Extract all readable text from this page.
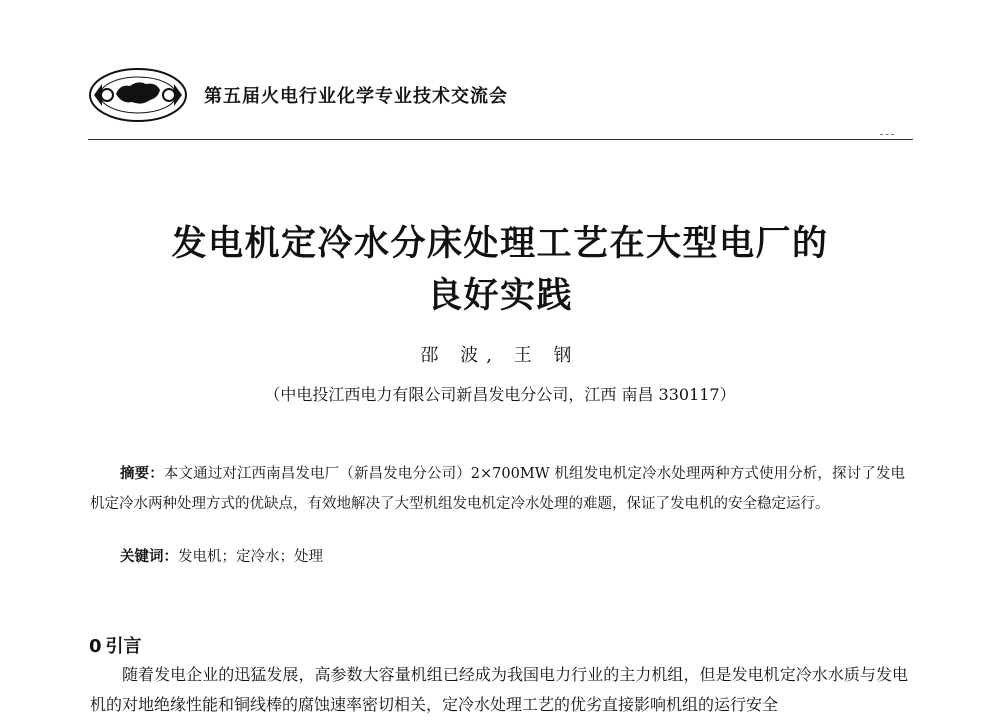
第五届火电行业化学专业技术交流会
发电机定冷水分床处理工艺在大型电厂的
良好实践
邵 波, 王 钢
（中电投江西电力有限公司新昌发电分公司，江西 南昌 330117）
摘要：本文通过对江西南昌发电厂（新昌发电分公司）2×700MW 机组发电机定冷水处理两种方式使用分析，探讨了发电机定冷水两种处理方式的优缺点，有效地解决了大型机组发电机定冷水处理的难题，保证了发电机的安全稳定运行。
关键词：发电机；定冷水；处理
0 引言
随着发电企业的迅猛发展，高参数大容量机组已经成为我国电力行业的主力机组，但是发电机定冷水水质与发电机的对地绝缘性能和铜线棒的腐蚀速率密切相关，定冷水处理工艺的优劣直接影响机组的运行安全
